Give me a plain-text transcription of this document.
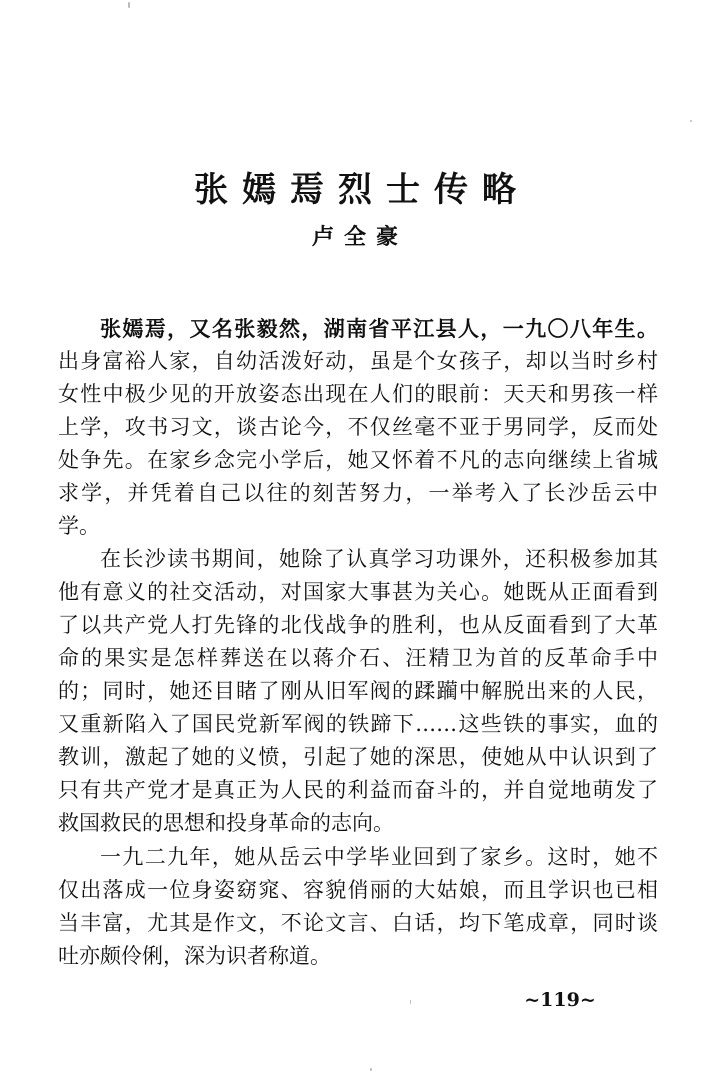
张嫣焉烈士传略
卢全豪
张嫣焉，又名张毅然，湖南省平江县人，一九〇八年生。
出身富裕人家，自幼活泼好动，虽是个女孩子，却以当时乡村
女性中极少见的开放姿态出现在人们的眼前：天天和男孩一样
上学，攻书习文，谈古论今，不仅丝毫不亚于男同学，反而处
处争先。在家乡念完小学后，她又怀着不凡的志向继续上省城
求学，并凭着自己以往的刻苦努力，一举考入了长沙岳云中
学。
在长沙读书期间，她除了认真学习功课外，还积极参加其
他有意义的社交活动，对国家大事甚为关心。她既从正面看到
了以共产党人打先锋的北伐战争的胜利，也从反面看到了大革
命的果实是怎样葬送在以蒋介石、汪精卫为首的反革命手中
的；同时，她还目睹了刚从旧军阀的蹂躏中解脱出来的人民，
又重新陷入了国民党新军阀的铁蹄下……这些铁的事实，血的
教训，激起了她的义愤，引起了她的深思，使她从中认识到了
只有共产党才是真正为人民的利益而奋斗的，并自觉地萌发了
救国救民的思想和投身革命的志向。
一九二九年，她从岳云中学毕业回到了家乡。这时，她不
仅出落成一位身姿窈窕、容貌俏丽的大姑娘，而且学识也已相
当丰富，尤其是作文，不论文言、白话，均下笔成章，同时谈
吐亦颇伶俐，深为识者称道。
~119~
